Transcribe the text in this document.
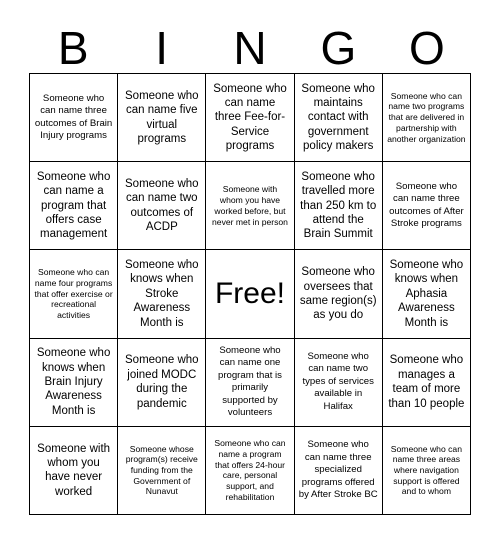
B	I	N	G	O
Someone who can name three outcomes of Brain Injury programs
Someone who can name five virtual programs
Someone who can name three Fee-for-Service programs
Someone who maintains contact with government policy makers
Someone who can name two programs that are delivered in partnership with another organization
Someone who can name a program that offers case management
Someone who can name two outcomes of ACDP
Someone with whom you have worked before, but never met in person
Someone who travelled more than 250 km to attend the Brain Summit
Someone who can name three outcomes of After Stroke programs
Someone who can name four programs that offer exercise or recreational activities
Someone who knows when Stroke Awareness Month is
Free!
Someone who oversees that same region(s) as you do
Someone who knows when Aphasia Awareness Month is
Someone who knows when Brain Injury Awareness Month is
Someone who joined MODC during the pandemic
Someone who can name one program that is primarily supported by volunteers
Someone who can name two types of services available in Halifax
Someone who manages a team of more than 10 people
Someone with whom you have never worked
Someone whose program(s) receive funding from the Government of Nunavut
Someone who can name a program that offers 24-hour care, personal support, and rehabilitation
Someone who can name three specialized programs offered by After Stroke BC
Someone who can name three areas where navigation support is offered and to whom
